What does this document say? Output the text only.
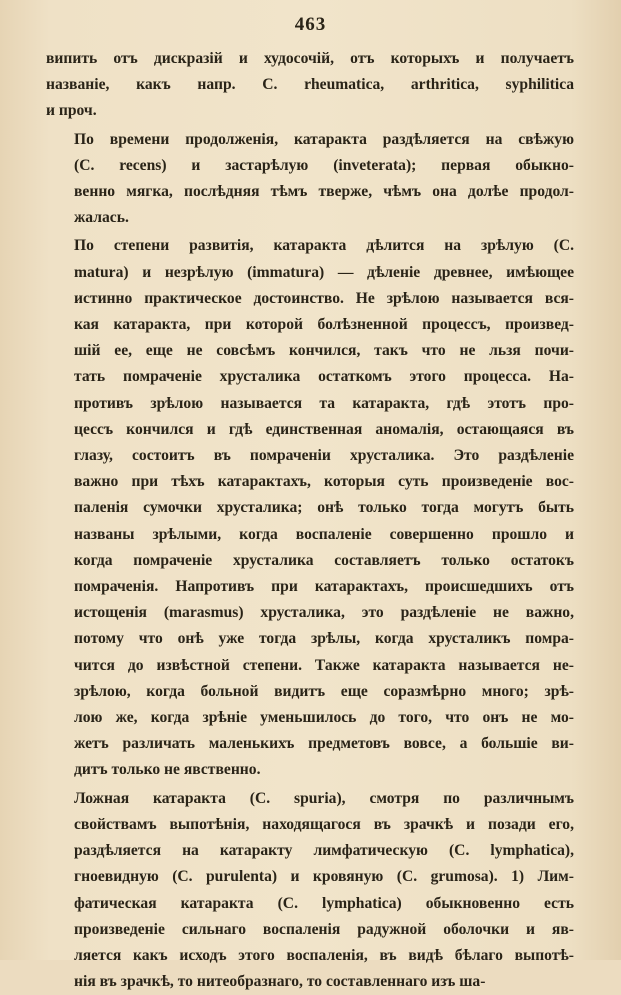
463
випить отъ дискразій и худосочій, отъ которыхъ и получаетъ
названіе, какъ напр. C. rheumatica, arthritica, syphilitica
и проч.
По времени продолженія, катаракта раздѣляется на свѣжую
(C. recens) и застарѣлую (inveterata); первая обыкно-
венно мягка, послѣдняя тѣмъ тверже, чѣмъ она долѣе продол-
жалась.
По степени развитія, катаракта дѣлится на зрѣлую (C.
matura) и незрѣлую (immatura) — дѣленіе древнее, имѣющее
истинно практическое достоинство. Не зрѣлою называется вся-
кая катаракта, при которой болѣзненной процессъ, произвед-
шій ее, еще не совсѣмъ кончился, такъ что не льзя почи-
тать помраченіе хрусталика остаткомъ этого процесса. На-
противъ зрѣлою называется та катаракта, гдѣ этотъ про-
цессъ кончился и гдѣ единственная аномалія, остающаяся въ
глазу, состоитъ въ помраченіи хрусталика. Это раздѣленіе
важно при тѣхъ катарактахъ, которыя суть произведеніе вос-
паленія сумочки хрусталика; онѣ только тогда могутъ быть
названы зрѣлыми, когда воспаленіе совершенно прошло и
когда помраченіе хрусталика составляетъ только остатокъ
помраченія. Напротивъ при катарактахъ, происшедшихъ отъ
истощенія (marasmus) хрусталика, это раздѣленіе не важно,
потому что онѣ уже тогда зрѣлы, когда хрусталикъ помра-
чится до извѣстной степени. Также катаракта называется не-
зрѣлою, когда больной видитъ еще соразмѣрно много; зрѣ-
лою же, когда зрѣніе уменьшилось до того, что онъ не мо-
жетъ различать маленькихъ предметовъ вовсе, а большіе ви-
дитъ только не явственно.
Ложная катаракта (C. spuria), смотря по различнымъ
свойствамъ выпотѣнія, находящагося въ зрачкѣ и позади его,
раздѣляется на катаракту лимфатическую (C. lymphatica),
гноевидную (C. purulenta) и кровяную (C. grumosa). 1) Лим-
фатическая катаракта (C. lymphatica) обыкновенно есть
произведеніе сильнаго воспаленія радужной оболочки и яв-
ляется какъ исходъ этого воспаленія, въ видѣ бѣлаго выпотѣ-
нія въ зрачкѣ, то нитеобразнаго, то составленнаго изъ ша-
